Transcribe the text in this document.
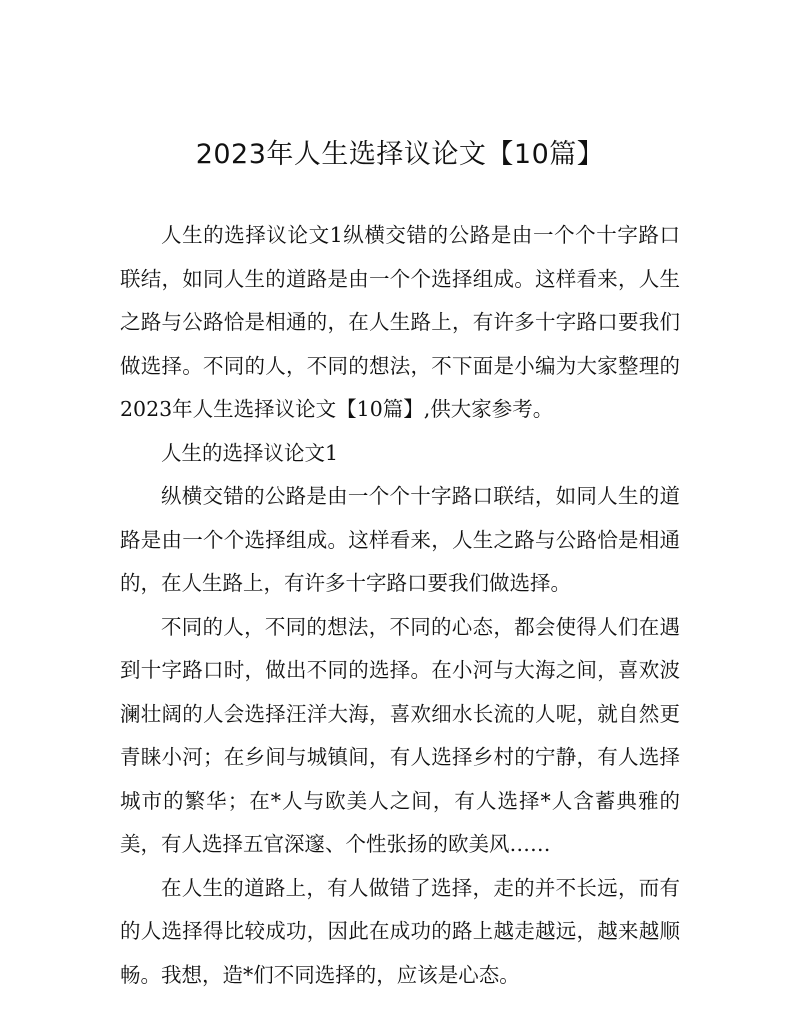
2023年人生选择议论文【10篇】

人生的选择议论文1纵横交错的公路是由一个个十字路口联结，如同人生的道路是由一个个选择组成。这样看来，人生之路与公路恰是相通的，在人生路上，有许多十字路口要我们做选择。不同的人，不同的想法，不下面是小编为大家整理的2023年人生选择议论文【10篇】,供大家参考。

人生的选择议论文1

纵横交错的公路是由一个个十字路口联结，如同人生的道路是由一个个选择组成。这样看来，人生之路与公路恰是相通的，在人生路上，有许多十字路口要我们做选择。

不同的人，不同的想法，不同的心态，都会使得人们在遇到十字路口时，做出不同的选择。在小河与大海之间，喜欢波澜壮阔的人会选择汪洋大海，喜欢细水长流的人呢，就自然更青睐小河；在乡间与城镇间，有人选择乡村的宁静，有人选择城市的繁华；在*人与欧美人之间，有人选择*人含蓄典雅的美，有人选择五官深邃、个性张扬的欧美风……

在人生的道路上，有人做错了选择，走的并不长远，而有的人选择得比较成功，因此在成功的路上越走越远，越来越顺畅。我想，造*们不同选择的，应该是心态。
